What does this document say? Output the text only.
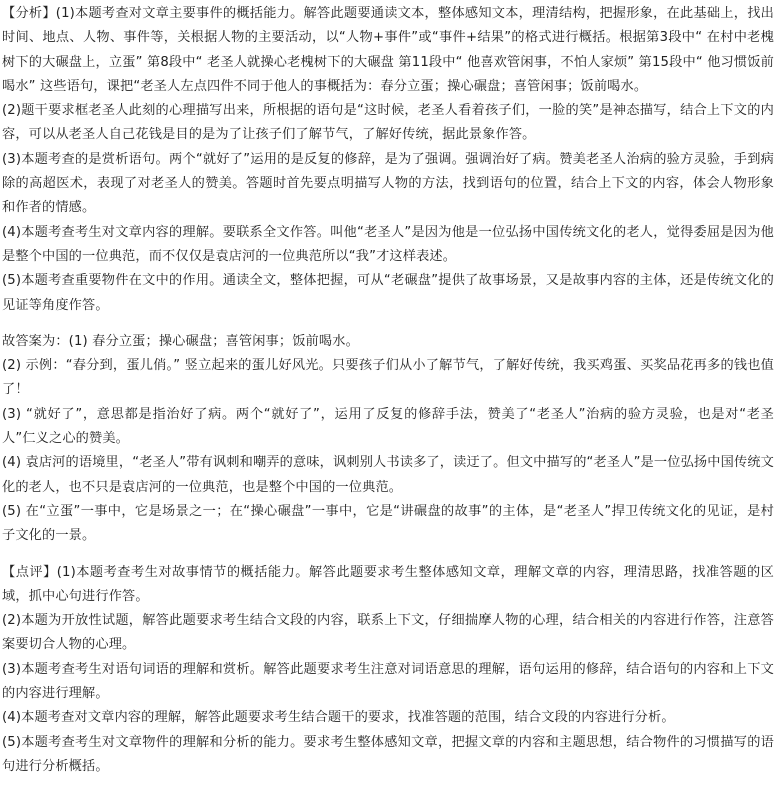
【分析】(1)本题考查对文章主要事件的概括能力。解答此题要通读文本，整体感知文本，理清结构，把握形象，在此基础上，找出时间、地点、人物、事件等，关根据人物的主要活动，以“人物+事件”或“事件+结果”的格式进行概括。根据第3段中“ 在村中老槐树下的大碾盘上，立蛋” 第8段中“ 老圣人就操心老槐树下的大碾盘 第11段中“ 他喜欢管闲事，不怕人家烦” 第15段中“ 他习惯饭前喝水” 这些语句，课把“老圣人左点四件不同于他人的事概括为：春分立蛋；操心碾盘；喜管闲事；饭前喝水。

(2)题干要求框老圣人此刻的心理描写出来，所根据的语句是“这时候，老圣人看着孩子们，一脸的笑”是神态描写，结合上下文的内容，可以从老圣人自己花钱是目的是为了让孩子们了解节气，了解好传统，据此景象作答。

(3)本题考查的是赏析语句。两个“就好了”运用的是反复的修辞，是为了强调。强调治好了病。赞美老圣人治病的验方灵验，手到病除的高超医术，表现了对老圣人的赞美。答题时首先要点明描写人物的方法，找到语句的位置，结合上下文的内容，体会人物形象和作者的情感。

(4)本题考查考生对文章内容的理解。要联系全文作答。叫他“老圣人”是因为他是一位弘扬中国传统文化的老人，觉得委屈是因为他是整个中国的一位典范，而不仅仅是袁店河的一位典范所以“我”才这样表述。

(5)本题考查重要物件在文中的作用。通读全文，整体把握，可从“老碾盘”提供了故事场景，又是故事内容的主体，还是传统文化的见证等角度作答。

故答案为：(1) 春分立蛋；操心碾盘；喜管闲事；饭前喝水。

(2) 示例：“春分到，蛋儿俏。” 竖立起来的蛋儿好风光。只要孩子们从小了解节气，了解好传统，我买鸡蛋、买奖品花再多的钱也值了！

(3) “就好了”，意思都是指治好了病。两个“就好了”，运用了反复的修辞手法，赞美了“老圣人”治病的验方灵验，也是对“老圣人”仁义之心的赞美。

(4) 袁店河的语境里，“老圣人”带有讽刺和嘲弄的意味，讽刺别人书读多了，读迂了。但文中描写的“老圣人”是一位弘扬中国传统文化的老人，也不只是袁店河的一位典范，也是整个中国的一位典范。

(5) 在“立蛋”一事中，它是场景之一；在“操心碾盘”一事中，它是“讲碾盘的故事”的主体，是“老圣人”捍卫传统文化的见证，是村子文化的一景。

【点评】(1)本题考查考生对故事情节的概括能力。解答此题要求考生整体感知文章，理解文章的内容，理清思路，找准答题的区域，抓中心句进行作答。

(2)本题为开放性试题，解答此题要求考生结合文段的内容，联系上下文，仔细揣摩人物的心理，结合相关的内容进行作答，注意答案要切合人物的心理。

(3)本题考查考生对语句词语的理解和赏析。解答此题要求考生注意对词语意思的理解，语句运用的修辞，结合语句的内容和上下文的内容进行理解。

(4)本题考查对文章内容的理解，解答此题要求考生结合题干的要求，找准答题的范围，结合文段的内容进行分析。

(5)本题考查考生对文章物件的理解和分析的能力。要求考生整体感知文章，把握文章的内容和主题思想，结合物件的习惯描写的语句进行分析概括。
